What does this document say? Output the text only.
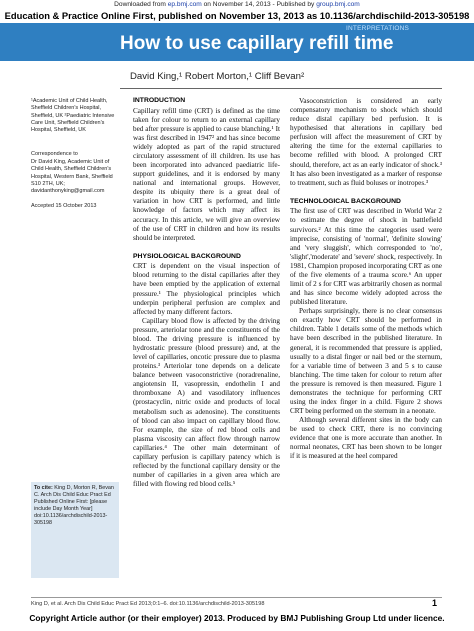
Downloaded from ep.bmj.com on November 14, 2013 - Published by group.bmj.com
Education & Practice Online First, published on November 13, 2013 as 10.1136/archdischild-2013-305198
INTERPRETATIONS
How to use capillary refill time
David King,¹ Robert Morton,¹ Cliff Bevan²
¹Academic Unit of Child Health, Sheffield Children's Hospital, Sheffield, UK ²Paediatric Intensive Care Unit, Sheffield Children's Hospital, Sheffield, UK
Correspondence to
Dr David King, Academic Unit of Child Health, Sheffield Children's Hospital, Western Bank, Sheffield S10 2TH, UK; davidanthonyking@gmail.com
Accepted 15 October 2013
To cite: King D, Morton R, Bevan C. Arch Dis Child Educ Pract Ed Published Online First: [please include Day Month Year] doi:10.1136/archdischild-2013-305198
INTRODUCTION

Capillary refill time (CRT) is defined as the time taken for colour to return to an external capillary bed after pressure is applied to cause blanching.¹ It was first described in 1947² and has since become widely adopted as part of the rapid structured circulatory assessment of ill children. Its use has been incorporated into advanced paediatric life-support guidelines, and it is endorsed by many national and international groups. However, despite its ubiquity there is a great deal of variation in how CRT is performed, and little knowledge of factors which may affect its accuracy. In this article, we will give an overview of the use of CRT in children and how its results should be interpreted.

PHYSIOLOGICAL BACKGROUND

CRT is dependent on the visual inspection of blood returning to the distal capillaries after they have been emptied by the application of external pressure.¹ The physiological principles which underpin peripheral perfusion are complex and affected by many different factors.

Capillary blood flow is affected by the driving pressure, arteriolar tone and the constituents of the blood. The driving pressure is influenced by hydrostatic pressure (blood pressure) and, at the level of capillaries, oncotic pressure due to plasma proteins.³ Arteriolar tone depends on a delicate balance between vasoconstrictive (noradrenaline, angiotensin II, vasopressin, endothelin I and thromboxane A) and vasodilatory influences (prostacyclin, nitric oxide and products of local metabolism such as adenosine). The constituents of blood can also impact on capillary blood flow. For example, the size of red blood cells and plasma viscosity can affect flow through narrow capillaries.⁴ The other main determinant of capillary perfusion is capillary patency which is reflected by the functional capillary density or the number of capillaries in a given area which are filled with flowing red blood cells.⁵

Vasoconstriction is considered an early compensatory mechanism to shock which should reduce distal capillary bed perfusion. It is hypothesised that alterations in capillary bed perfusion will affect the measurement of CRT by altering the time for the external capillaries to become refilled with blood. A prolonged CRT should, therefore, act as an early indicator of shock.³ It has also been investigated as a marker of response to treatment, such as fluid boluses or inotropes.³

TECHNOLOGICAL BACKGROUND

The first use of CRT was described in World War 2 to estimate the degree of shock in battlefield survivors.² At this time the categories used were imprecise, consisting of 'normal', 'definite slowing' and 'very sluggish', which corresponded to 'no', 'slight','moderate' and 'severe' shock, respectively. In 1981, Champion proposed incorporating CRT as one of the five elements of a trauma score.⁶ An upper limit of 2 s for CRT was arbitrarily chosen as normal and has since become widely adopted across the published literature.

Perhaps surprisingly, there is no clear consensus on exactly how CRT should be performed in children. Table 1 details some of the methods which have been described in the published literature. In general, it is recommended that pressure is applied, usually to a distal finger or nail bed or the sternum, for a variable time of between 3 and 5 s to cause blanching. The time taken for colour to return after the pressure is removed is then measured. Figure 1 demonstrates the technique for performing CRT using the index finger in a child. Figure 2 shows CRT being performed on the sternum in a neonate.

Although several different sites in the body can be used to check CRT, there is no convincing evidence that one is more accurate than another. In normal neonates, CRT has been shown to be longer if it is measured at the heel compared

King D, et al. Arch Dis Child Educ Pract Ed 2013;0:1–6. doi:10.1136/archdischild-2013-305198	1
Copyright Article author (or their employer) 2013. Produced by BMJ Publishing Group Ltd under licence.
